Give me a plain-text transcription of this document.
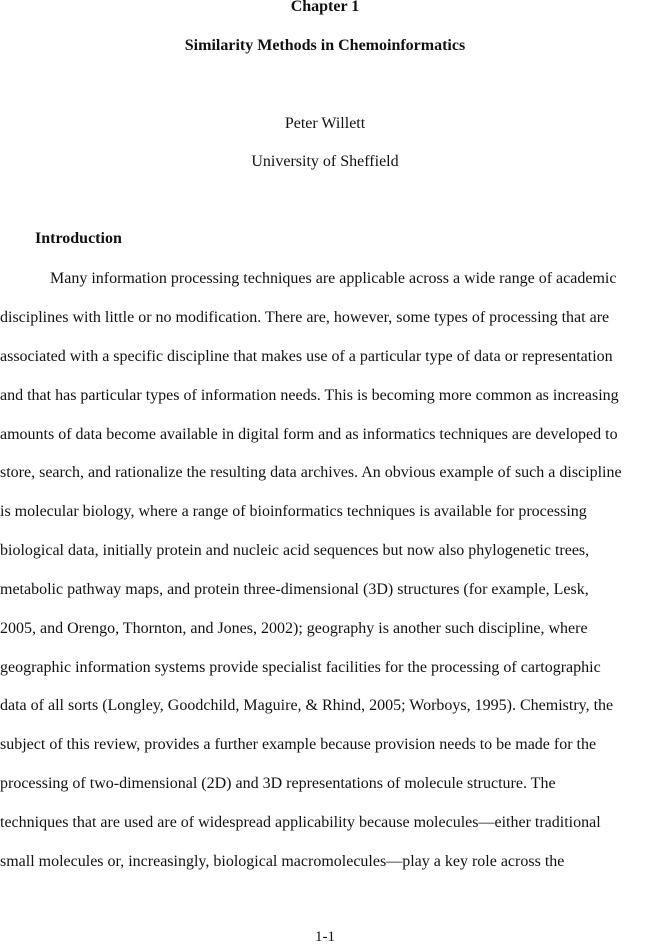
Chapter 1

Similarity Methods in Chemoinformatics

Peter Willett

University of Sheffield

Introduction

Many information processing techniques are applicable across a wide range of academic

disciplines with little or no modification. There are, however, some types of processing that are

associated with a specific discipline that makes use of a particular type of data or representation

and that has particular types of information needs. This is becoming more common as increasing

amounts of data become available in digital form and as informatics techniques are developed to

store, search, and rationalize the resulting data archives. An obvious example of such a discipline

is molecular biology, where a range of bioinformatics techniques is available for processing

biological data, initially protein and nucleic acid sequences but now also phylogenetic trees,

metabolic pathway maps, and protein three-dimensional (3D) structures (for example, Lesk,

2005, and Orengo, Thornton, and Jones, 2002); geography is another such discipline, where

geographic information systems provide specialist facilities for the processing of cartographic

data of all sorts (Longley, Goodchild, Maguire, & Rhind, 2005; Worboys, 1995). Chemistry, the

subject of this review, provides a further example because provision needs to be made for the

processing of two-dimensional (2D) and 3D representations of molecule structure. The

techniques that are used are of widespread applicability because molecules—either traditional

small molecules or, increasingly, biological macromolecules—play a key role across the

1-1
